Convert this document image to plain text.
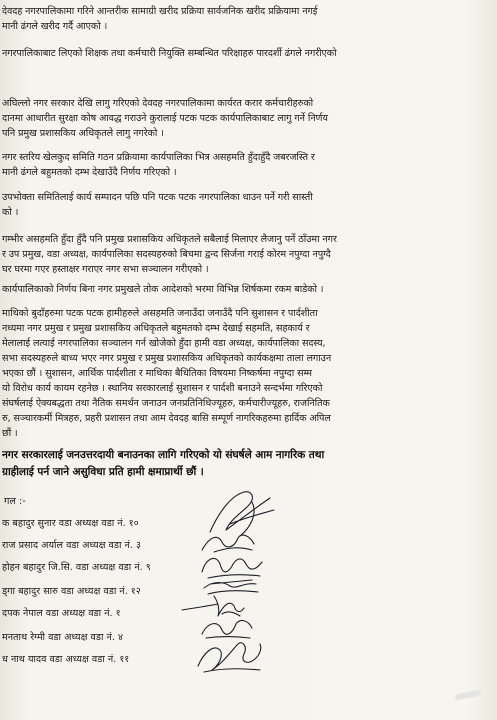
देवदह नगरपालिकामा गरिने आन्तरीक सामाग्री खरीद प्रक्रिया सार्वजनिक खरीद प्रक्रियामा नगई
मानी ढंगले खरीद गर्दै आएको ।
नगरपालिकाबाट लिएको शिक्षक तथा कर्मचारी नियुक्ति सम्बन्धित परिक्षाहरु पारदर्शी ढंगले नगरीएको
अघिल्लो नगर सरकार देखि लागु गरिएको देवदह नगरपालिकामा कार्यरत करार कर्मचारीहरुको
दानमा आधारीत सुरक्षा कोष आवद्ध गराउने कुरालाई पटक पटक कार्यपालिकाबाट लागु गर्ने निर्णय
पनि प्रमुख प्रशासकिय अधिकृतले लागु नगरेको ।
नगर स्तरिय खेलकुद समिति गठन प्रक्रियामा कार्यपालिका भित्र असहमति हुँदाहुँदै जबरजस्ति र
मानी ढंगले बहुमतको दम्भ देखाउँदै निर्णय गरिएको ।
उपभोक्ता समितिलाई कार्य सम्पादन पछि पनि पटक पटक नगरपालिका धाउन पर्ने गरी सास्ती
को ।
गम्भीर असहमति हुँदा हुँदै पनि प्रमुख प्रशासकिय अधिकृतले सबैलाई मिलाएर लैजानु पर्ने ठाँउमा नगर
र उप प्रमुख, वडा अध्यक्ष, कार्यपालिका सदस्यहरुको बिचमा द्वन्द सिर्जना गराई कोरम नपुग्दा नपुग्दै
घर घरमा गएर हस्ताक्षर गराएर नगर सभा सञ्चालन गरीएको ।
कार्यपालिकाको निर्णय बिना नगर प्रमुखले तोक आदेशको भरमा विभिन्न शिर्षकमा रकम बाडेको ।
माथिको बुदाँहरुमा पटक पटक हामीहरुले असहमति जनाउँदा जनाउँदै पनि सुशासन र पार्दशीता
नध्यमा नगर प्रमुख र प्रमुख प्रशासकिय अधिकृतले बहुमतको दम्भ देखाई सहमति, सहकार्य र
मेलालाई लत्याई नगरपालिका सञ्चालन गर्न खोजेको हुँदा हामी वडा अध्यक्ष, कार्यपालिका सदस्य,
सभा सदस्यहरुले बाध्य भएर नगर प्रमुख र प्रमुख प्रशासकिय अधिकृतको कार्यकक्षमा ताला लगाउन
भएका छौं । सुशासन, आर्थिक पार्दशीता र माथिका बैधितिका विषयमा निष्कर्षमा नपुग्दा सम्म
यो विरोध कार्य कायम रहनेछ । स्थानिय सरकारलाई सुशासन र पार्दशी बनाउने सन्दर्भमा गरिएको
संघर्षलाई ऐक्यबद्धता तथा नैतिक समर्थन जनाउन जनप्रतिनिधिज्यूहरु, कर्मचारीज्यूहरु, राजनितिक
रु, सञ्चारकर्मी मित्रहरु, प्रहरी प्रशासन तथा आम देवदह बासि सम्पूर्ण नागरिकहरुमा हार्दिक अपिल
छौं ।
नगर सरकारलाई जनउत्तरदायी बनाउनका लागि गरिएको यो संघर्षले आम नागरिक तथा
ग्राहीलाई पर्न जाने असुविधा प्रति हामी क्षमाप्रार्थी छौं ।
गल :-
क बहादुर सुनार वडा अध्यक्ष वडा नं. १०
राज प्रसाद अर्याल वडा अध्यक्ष वडा नं. ३
होहन बहादुर जि.सि. वडा अध्यक्ष वडा नं. ९
ड्गा बहादुर सारु वडा अध्यक्ष वडा नं. १२
दपक नेपाल वडा अध्यक्ष वडा नं. १
मनताथ रेग्मी वडा अध्यक्ष वडा नं. ४
ध नाथ यादव वडा अध्यक्ष वडा नं. ११
